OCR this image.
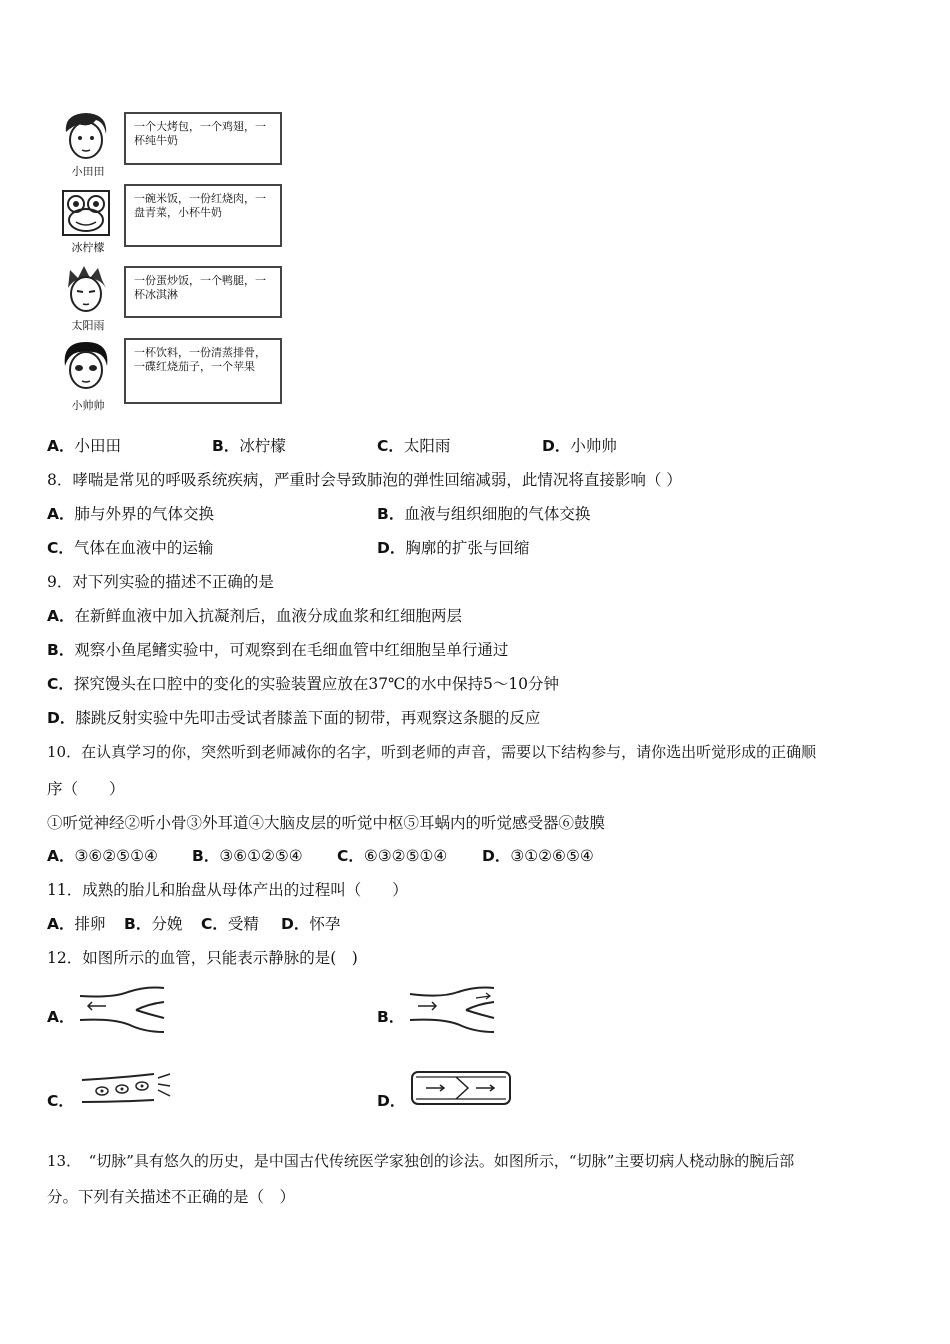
小田田
一个大烤包，一个鸡翅，一杯纯牛奶
冰柠檬
一碗米饭，一份红烧肉，一盘青菜，小杯牛奶
太阳雨
一份蛋炒饭，一个鸭腿，一杯冰淇淋
小帅帅
一杯饮料，一份清蒸排骨，一碟红烧茄子，一个苹果
A．小田田	B．冰柠檬	C．太阳雨	D．小帅帅
8．哮喘是常见的呼吸系统疾病，严重时会导致肺泡的弹性回缩减弱，此情况将直接影响（ ）
A．肺与外界的气体交换	B．血液与组织细胞的气体交换
C．气体在血液中的运输	D．胸廓的扩张与回缩
9．对下列实验的描述不正确的是
A．在新鲜血液中加入抗凝剂后，血液分成血浆和红细胞两层
B．观察小鱼尾鳍实验中，可观察到在毛细血管中红细胞呈单行通过
C．探究馒头在口腔中的变化的实验装置应放在37℃的水中保持5～10分钟
D．膝跳反射实验中先叩击受试者膝盖下面的韧带，再观察这条腿的反应
10．在认真学习的你，突然听到老师减你的名字，听到老师的声音，需要以下结构参与，请你选出听觉形成的正确顺
序（　　）
①听觉神经②听小骨③外耳道④大脑皮层的听觉中枢⑤耳蜗内的听觉感受器⑥鼓膜
A．③⑥②⑤①④ B．③⑥①②⑤④ C．⑥③②⑤①④ D．③①②⑥⑤④
11．成熟的胎儿和胎盘从母体产出的过程叫（　　）
A．排卵 B．分娩 C．受精 D．怀孕
12．如图所示的血管，只能表示静脉的是(　)
A．	B．
C．	D．
13．　“切脉”具有悠久的历史，是中国古代传统医学家独创的诊法。如图所示，“切脉”主要切病人桡动脉的腕后部
分。下列有关描述不正确的是（　）
